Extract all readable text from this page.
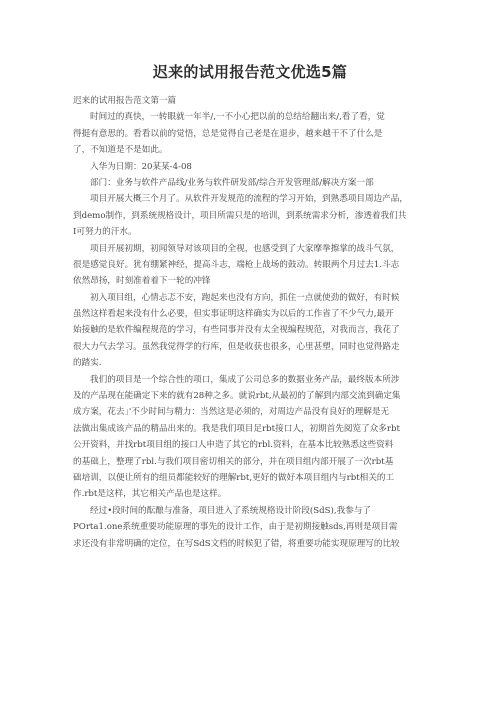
迟来的试用报告范文优选5篇
迟来的试用报告范文第一篇
时间过的真快，一转眼就一年半/,一不小心把以前的总结给翻出来/,看了看，觉
得挺有意思的。看看以前的觉悟，总是觉得自己老是在退步，越来越干不了什么是
了，不知道是不是如此。
入华为日期：20某某-4-08
部门：业务与软件产品线/业务与软件研发部/综合开发管理部/解决方案一部
项目开展大概三个月了。从软件开发规范的流程的学习开始，到熟悉项目周边产品，
到demo制作，到系统规格设计，项目所需只是的培训，到系统需求分析，渗透着我们共
I可努力的汗水。
项目开展初期，初闻领导对该项目的全视，也感受到了大家摩拳擦掌的战斗气氛，
很是感觉良好。犹有绷紧神经，提高斗志，端枪上战场的鼓动。转眼两个月过去1.斗志
依然昂扬，时刻准着着下一轮的冲锋
初入项目组，心情忐忑不安，跑起来也没有方向，抓住一点就使劲的做好，有时候
虽然这样看起来没有什么必要，但实事证明这样确实为以后的工作省了不少气力,最开
始接触的是软件编程规范的学习，有些同事并没有太全视编程规范，对我而言，我花了
很大力气去学习。虽然我觉得学的行库，但是收获也很多，心里甚塑，同时也觉得路走
的踏实.
我们的项目是一个综合性的项口，集成了公司总多的数据业务产品，最终版本所涉
及的产品现在能确定下来的就有28种之多。就说rbt,从最初的了解到内部交流到确定集
成方案，花去｣'不少时间与精力：当然这是必须的，对周边产品没有良好的理解是无
法做出集成该产品的精品出来的。我是我们项目足rbt接口人，初期首先阅览了众多rbt
公开资料，并找rbt项目组的接口人申造了其它的rbl.资料，在基本比较熟悉这些资料
的基础上，整理了rbl.与我们项目密切相关的部分，并在项目组内部开展了一次rbt基
础培训，以便让所有的组员都能较好的理解rbt,更好的做好本项目组内与rbt相关的工
作.rbt是这样，其它相关产品也是这样。
经过•段时间的酝酿与准备，项目进入了系统规格设计阶段(SdS),我参与了
POrta1.one系统重要功能原理的事先的设计工作，由于是初期接触sds,再则是项目需
求还没有非常明确的定位，在写SdS文档的时候犯了错，将重要功能实现原理写的比较
